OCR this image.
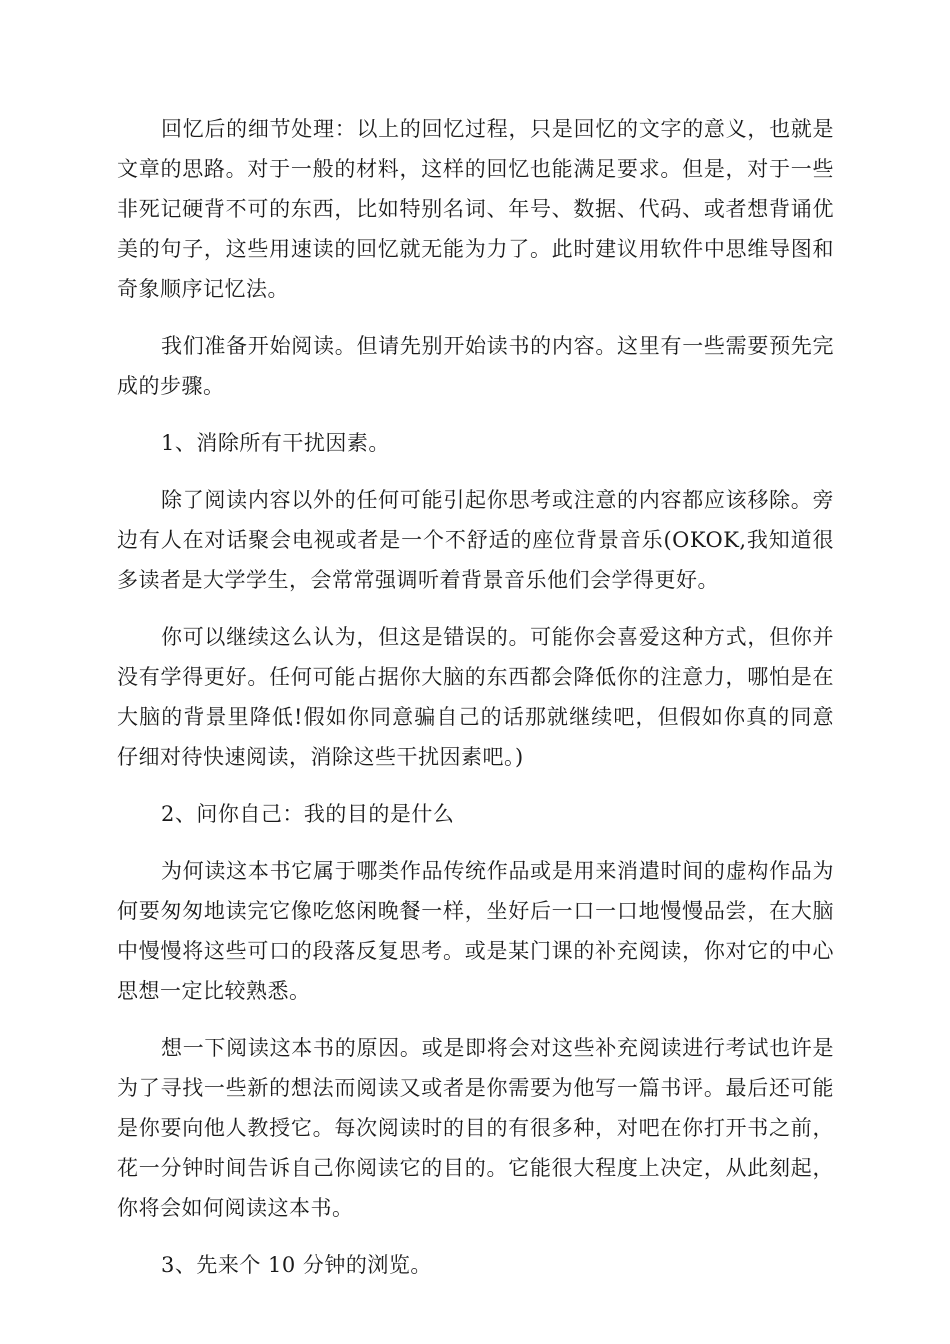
回忆后的细节处理：以上的回忆过程，只是回忆的文字的意义，也就是文章的思路。对于一般的材料，这样的回忆也能满足要求。但是，对于一些非死记硬背不可的东西，比如特别名词、年号、数据、代码、或者想背诵优美的句子，这些用速读的回忆就无能为力了。此时建议用软件中思维导图和奇象顺序记忆法。

我们准备开始阅读。但请先别开始读书的内容。这里有一些需要预先完成的步骤。

1、消除所有干扰因素。

除了阅读内容以外的任何可能引起你思考或注意的内容都应该移除。旁边有人在对话聚会电视或者是一个不舒适的座位背景音乐(OKOK,我知道很多读者是大学学生，会常常强调听着背景音乐他们会学得更好。

你可以继续这么认为，但这是错误的。可能你会喜爱这种方式，但你并没有学得更好。任何可能占据你大脑的东西都会降低你的注意力，哪怕是在大脑的背景里降低!假如你同意骗自己的话那就继续吧，但假如你真的同意仔细对待快速阅读，消除这些干扰因素吧。)

2、问你自己：我的目的是什么

为何读这本书它属于哪类作品传统作品或是用来消遣时间的虚构作品为何要匆匆地读完它像吃悠闲晚餐一样，坐好后一口一口地慢慢品尝，在大脑中慢慢将这些可口的段落反复思考。或是某门课的补充阅读，你对它的中心思想一定比较熟悉。

想一下阅读这本书的原因。或是即将会对这些补充阅读进行考试也许是为了寻找一些新的想法而阅读又或者是你需要为他写一篇书评。最后还可能是你要向他人教授它。每次阅读时的目的有很多种，对吧在你打开书之前，花一分钟时间告诉自己你阅读它的目的。它能很大程度上决定，从此刻起，你将会如何阅读这本书。

3、先来个 10 分钟的浏览。
